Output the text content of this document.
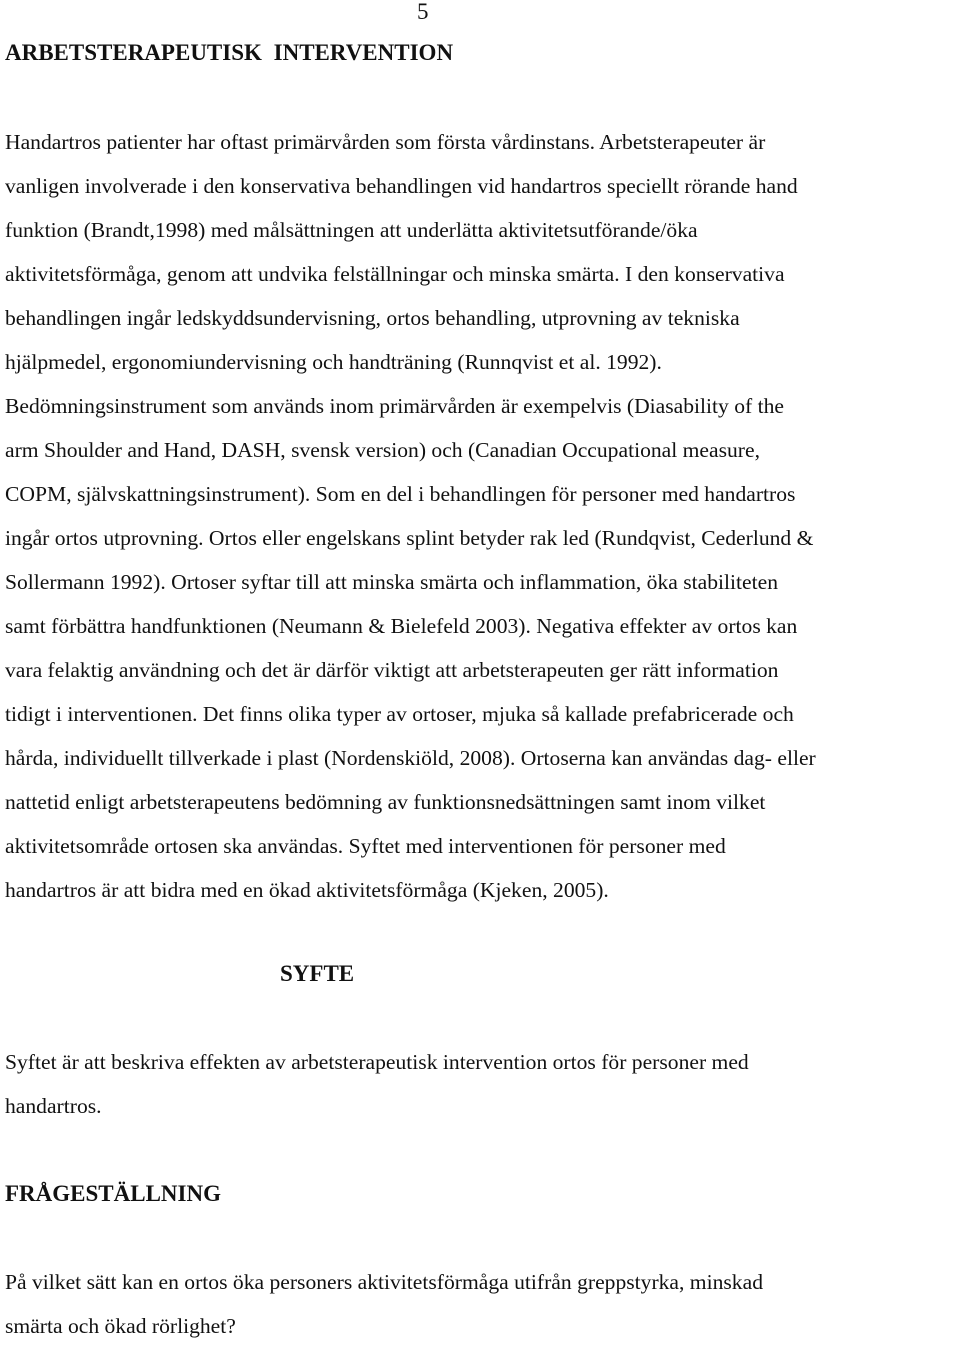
5
ARBETSTERAPEUTISK INTERVENTION

Handartros patienter har oftast primärvården som första vårdinstans. Arbetsterapeuter är
vanligen involverade i den konservativa behandlingen vid handartros speciellt rörande hand
funktion (Brandt,1998) med målsättningen att underlätta aktivitetsutförande/öka
aktivitetsförmåga, genom att undvika felställningar och minska smärta. I den konservativa
behandlingen ingår ledskyddsundervisning, ortos behandling, utprovning av tekniska
hjälpmedel, ergonomiundervisning och handträning (Runnqvist et al. 1992).
Bedömningsinstrument som används inom primärvården är exempelvis (Diasability of the
arm Shoulder and Hand, DASH, svensk version) och (Canadian Occupational measure,
COPM, självskattningsinstrument). Som en del i behandlingen för personer med handartros
ingår ortos utprovning. Ortos eller engelskans splint betyder rak led (Rundqvist, Cederlund &
Sollermann 1992). Ortoser syftar till att minska smärta och inflammation, öka stabiliteten
samt förbättra handfunktionen (Neumann & Bielefeld 2003). Negativa effekter av ortos kan
vara felaktig användning och det är därför viktigt att arbetsterapeuten ger rätt information
tidigt i interventionen. Det finns olika typer av ortoser, mjuka så kallade prefabricerade och
hårda, individuellt tillverkade i plast (Nordenskiöld, 2008). Ortoserna kan användas dag- eller
nattetid enligt arbetsterapeutens bedömning av funktionsnedsättningen samt inom vilket
aktivitetsområde ortosen ska användas. Syftet med interventionen för personer med
handartros är att bidra med en ökad aktivitetsförmåga (Kjeken, 2005).

SYFTE

Syftet är att beskriva effekten av arbetsterapeutisk intervention ortos för personer med
handartros.

FRÅGESTÄLLNING

På vilket sätt kan en ortos öka personers aktivitetsförmåga utifrån greppstyrka, minskad
smärta och ökad rörlighet?
